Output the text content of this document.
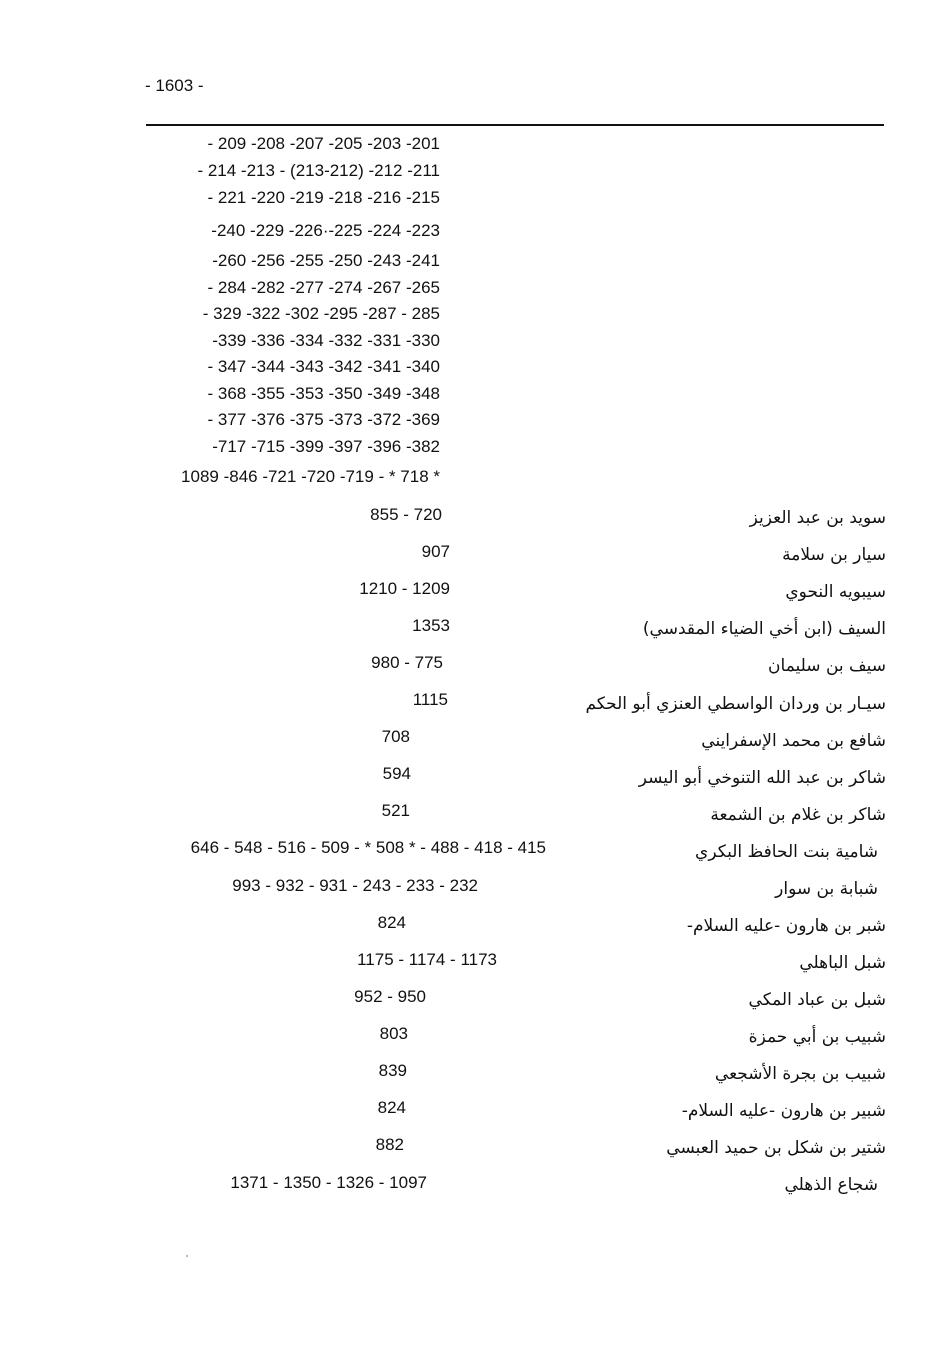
- 1603 -
- 209 -208 -207 -205 -203 -201
- 214 -213 - (213-212) -212 -211
- 221 -220 -219 -218 -216 -215
-240 -229 -226·-225 -224 -223
-260 -256 -255 -250 -243 -241
- 284 -282 -277 -274 -267 -265
- 329 -322 -302 -295 -287 - 285
-339 -336 -334 -332 -331 -330
- 347 -344 -343 -342 -341 -340
- 368 -355 -353 -350 -349 -348
- 377 -376 -375 -373 -372 -369
-717 -715 -399 -397 -396 -382
1089 -846 -721 -720 -719 - * 718 *
سويد بن عبد العزيز
855 - 720
سيار بن سلامة
907
سيبويه النحوي
1210 - 1209
السيف (ابن أخي الضياء المقدسي)
1353
سيف بن سليمان
980 - 775
سيـار بن وردان الواسطي العنزي أبو الحكم
1115
شافع بن محمد الإسفرايني
708
شاكر بن عبد الله التنوخي أبو اليسر
594
شاكر بن غلام بن الشمعة
521
شامية بنت الحافظ البكري
646 - 548 - 516 - 509 - * 508 * - 488 - 418 - 415
شبابة بن سوار
993 - 932 - 931 - 243 - 233 - 232
شبر بن هارون -عليه السلام-
824
شبل الباهلي
1175 - 1174 - 1173
شبل بن عباد المكي
952 - 950
شبيب بن أبي حمزة
803
شبيب بن بجرة الأشجعي
839
شبير بن هارون -عليه السلام-
824
شتير بن شكل بن حميد العبسي
882
شجاع الذهلي
1371 - 1350 - 1326 - 1097
